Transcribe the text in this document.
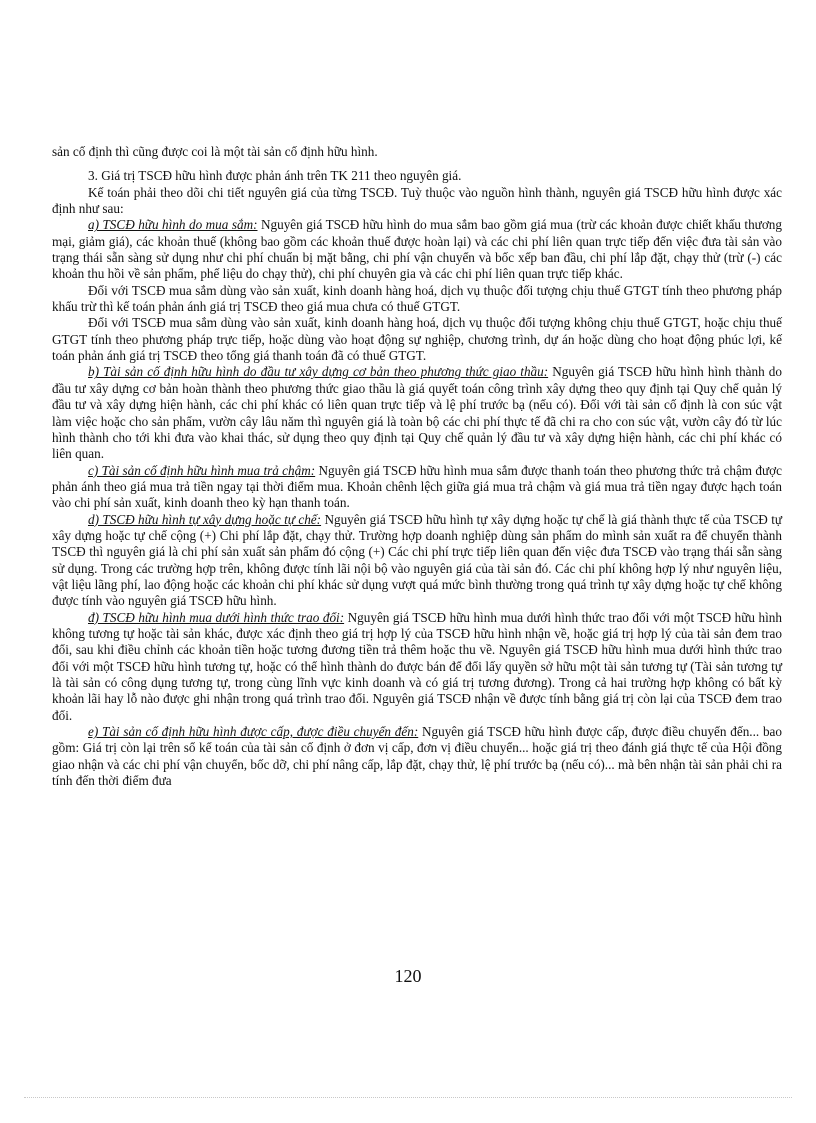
sản cố định thì cũng được coi là một tài sản cố định hữu hình.

3. Giá trị TSCĐ hữu hình được phản ánh trên TK 211 theo nguyên giá.

Kế toán phải theo dõi chi tiết nguyên giá của từng TSCĐ. Tuỳ thuộc vào nguồn hình thành, nguyên giá TSCĐ hữu hình được xác định như sau:

a) TSCĐ hữu hình do mua sắm: Nguyên giá TSCĐ hữu hình do mua sắm bao gồm giá mua (trừ các khoản được chiết khấu thương mại, giảm giá), các khoản thuế (không bao gồm các khoản thuế được hoàn lại) và các chi phí liên quan trực tiếp đến việc đưa tài sản vào trạng thái sẵn sàng sử dụng như chi phí chuẩn bị mặt bằng, chi phí vận chuyển và bốc xếp ban đầu, chi phí lắp đặt, chạy thử (trừ (-) các khoản thu hồi về sản phẩm, phế liệu do chạy thử), chi phí chuyên gia và các chi phí liên quan trực tiếp khác.

Đối với TSCĐ mua sắm dùng vào sản xuất, kinh doanh hàng hoá, dịch vụ thuộc đối tượng chịu thuế GTGT tính theo phương pháp khấu trừ thì kế toán phản ánh giá trị TSCĐ theo giá mua chưa có thuế GTGT.

Đối với TSCĐ mua sắm dùng vào sản xuất, kinh doanh hàng hoá, dịch vụ thuộc đối tượng không chịu thuế GTGT, hoặc chịu thuế GTGT tính theo phương pháp trực tiếp, hoặc dùng vào hoạt động sự nghiệp, chương trình, dự án hoặc dùng cho hoạt động phúc lợi, kế toán phản ánh giá trị TSCĐ theo tổng giá thanh toán đã có thuế GTGT.

b) Tài sản cố định hữu hình do đầu tư xây dựng cơ bản theo phương thức giao thầu: Nguyên giá TSCĐ hữu hình hình thành do đầu tư xây dựng cơ bản hoàn thành theo phương thức giao thầu là giá quyết toán công trình xây dựng theo quy định tại Quy chế quản lý đầu tư và xây dựng hiện hành, các chi phí khác có liên quan trực tiếp và lệ phí trước bạ (nếu có). Đối với tài sản cố định là con súc vật làm việc hoặc cho sản phẩm, vườn cây lâu năm thì nguyên giá là toàn bộ các chi phí thực tế đã chi ra cho con súc vật, vườn cây đó từ lúc hình thành cho tới khi đưa vào khai thác, sử dụng theo quy định tại Quy chế quản lý đầu tư và xây dựng hiện hành, các chi phí khác có liên quan.

c) Tài sản cố định hữu hình mua trả chậm: Nguyên giá TSCĐ hữu hình mua sắm được thanh toán theo phương thức trả chậm được phản ánh theo giá mua trả tiền ngay tại thời điểm mua. Khoản chênh lệch giữa giá mua trả chậm và giá mua trả tiền ngay được hạch toán vào chi phí sản xuất, kinh doanh theo kỳ hạn thanh toán.

d) TSCĐ hữu hình tự xây dựng hoặc tự chế: Nguyên giá TSCĐ hữu hình tự xây dựng hoặc tự chế là giá thành thực tế của TSCĐ tự xây dựng hoặc tự chế cộng (+) Chi phí lắp đặt, chạy thử. Trường hợp doanh nghiệp dùng sản phẩm do mình sản xuất ra để chuyển thành TSCĐ thì nguyên giá là chi phí sản xuất sản phẩm đó cộng (+) Các chi phí trực tiếp liên quan đến việc đưa TSCĐ vào trạng thái sẵn sàng sử dụng. Trong các trường hợp trên, không được tính lãi nội bộ vào nguyên giá của tài sản đó. Các chi phí không hợp lý như nguyên liệu, vật liệu lãng phí, lao động hoặc các khoản chi phí khác sử dụng vượt quá mức bình thường trong quá trình tự xây dựng hoặc tự chế không được tính vào nguyên giá TSCĐ hữu hình.

đ) TSCĐ hữu hình mua dưới hình thức trao đổi: Nguyên giá TSCĐ hữu hình mua dưới hình thức trao đổi với một TSCĐ hữu hình không tương tự hoặc tài sản khác, được xác định theo giá trị hợp lý của TSCĐ hữu hình nhận về, hoặc giá trị hợp lý của tài sản đem trao đổi, sau khi điều chỉnh các khoản tiền hoặc tương đương tiền trả thêm hoặc thu về. Nguyên giá TSCĐ hữu hình mua dưới hình thức trao đổi với một TSCĐ hữu hình tương tự, hoặc có thể hình thành do được bán để đổi lấy quyền sở hữu một tài sản tương tự (Tài sản tương tự là tài sản có công dụng tương tự, trong cùng lĩnh vực kinh doanh và có giá trị tương đương). Trong cả hai trường hợp không có bất kỳ khoản lãi hay lỗ nào được ghi nhận trong quá trình trao đổi. Nguyên giá TSCĐ nhận về được tính bằng giá trị còn lại của TSCĐ đem trao đổi.

e) Tài sản cố định hữu hình được cấp, được điều chuyển đến: Nguyên giá TSCĐ hữu hình được cấp, được điều chuyển đến... bao gồm: Giá trị còn lại trên sổ kế toán của tài sản cố định ở đơn vị cấp, đơn vị điều chuyển... hoặc giá trị theo đánh giá thực tế của Hội đồng giao nhận và các chi phí vận chuyển, bốc dỡ, chi phí nâng cấp, lắp đặt, chạy thử, lệ phí trước bạ (nếu có)... mà bên nhận tài sản phải chi ra tính đến thời điểm đưa

120
